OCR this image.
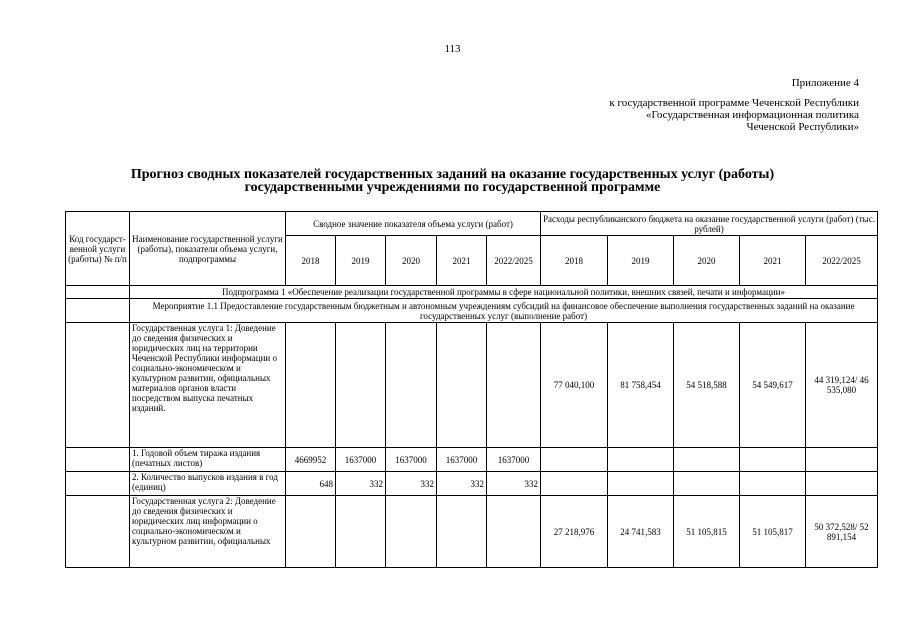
113
Приложение 4
к государственной программе Чеченской Республики
«Государственная информационная политика
Чеченской Республики»
Прогноз сводных показателей государственных заданий на оказание государственных услуг (работы)
государственными учреждениями по государственной программе
Код государст-венной услуги (работы) № п/п	Наименование государственной услуги (работы), показатели объема услуги, подпрограммы	Сводное значение показателя объема услуги (работ)					Расходы республиканского бюджета на оказание государственной услуги (работ) (тыс. рублей)				
		2018	2019	2020	2021	2022/2025	2018	2019	2020	2021	2022/2025
	Подпрограмма 1 «Обеспечение реализации государственной программы в сфере национальной политики, внешних связей, печати и информации»										
	Мероприятие 1.1 Предоставление государственным бюджетным и автономным учреждениям субсидий на финансовое обеспечение выполнения государственных заданий на оказание государственных услуг (выполнение работ)										
	Государственная услуга 1: Доведение до сведения физических и юридических лиц на территории Чеченской Республики информации о социально-экономическом и культурном развитии, официальных материалов органов власти посредством выпуска печатных изданий.						77 040,100	81 758,454	54 518,588	54 549,617	44 319,124/ 46 535,080
	1. Годовой объем тиража издания (печатных листов)	4669952	1637000	1637000	1637000	1637000					
	2. Количество выпусков издания в год (единиц)	648	332	332	332	332					
	Государственная услуга 2: Доведение до сведения физических и юридических лиц информации о социально-экономическом и культурном развитии, официальных						27 218,976	24 741,583	51 105,815	51 105,817	50 372,528/ 52 891,154
